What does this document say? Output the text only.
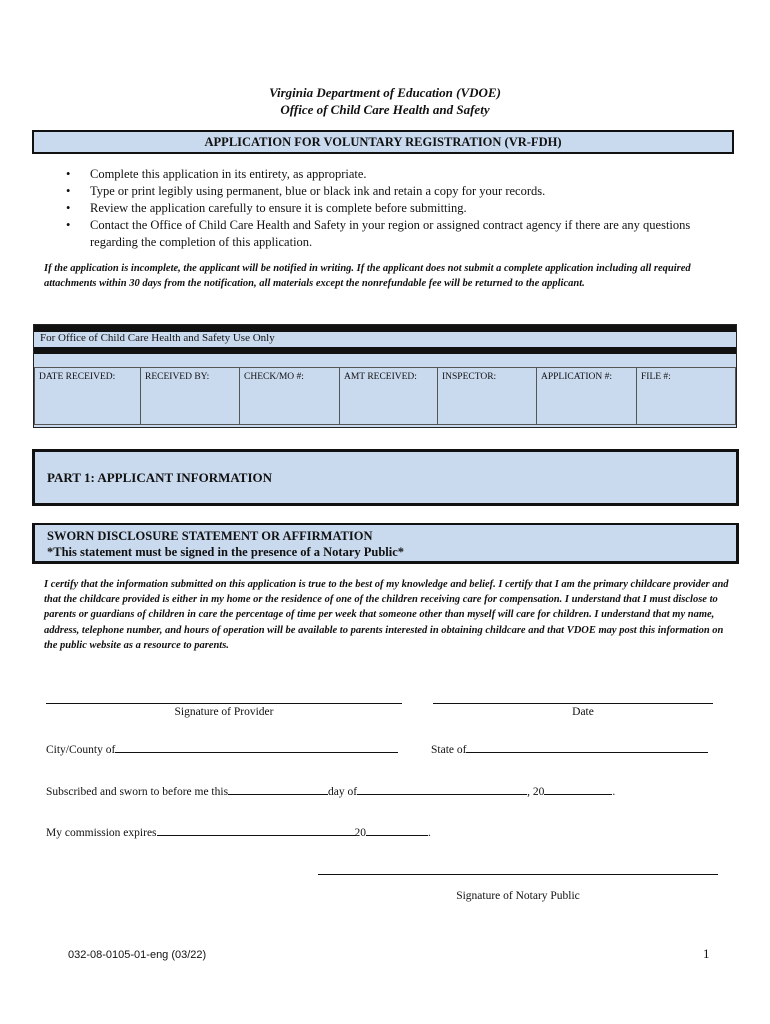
Virginia Department of Education (VDOE)
Office of Child Care Health and Safety
APPLICATION FOR VOLUNTARY REGISTRATION (VR-FDH)
• Complete this application in its entirety, as appropriate.
• Type or print legibly using permanent, blue or black ink and retain a copy for your records.
• Review the application carefully to ensure it is complete before submitting.
• Contact the Office of Child Care Health and Safety in your region or assigned contract agency if there are any questions regarding the completion of this application.
If the application is incomplete, the applicant will be notified in writing. If the applicant does not submit a complete application including all required attachments within 30 days from the notification, all materials except the nonrefundable fee will be returned to the applicant.
For Office of Child Care Health and Safety Use Only
DATE RECEIVED:	RECEIVED BY:	CHECK/MO #:	AMT RECEIVED:	INSPECTOR:	APPLICATION #:	FILE #:
PART 1: APPLICANT INFORMATION
SWORN DISCLOSURE STATEMENT OR AFFIRMATION
*This statement must be signed in the presence of a Notary Public*
I certify that the information submitted on this application is true to the best of my knowledge and belief. I certify that I am the primary childcare provider and that the childcare provided is either in my home or the residence of one of the children receiving care for compensation. I understand that I must disclose to parents or guardians of children in care the percentage of time per week that someone other than myself will care for children. I understand that my name, address, telephone number, and hours of operation will be available to parents interested in obtaining childcare and that VDOE may post this information on the public website as a resource to parents.
Signature of Provider	Date
City/County of	State of
Subscribed and sworn to before me this	day of	, 20	.
My commission expires	20	.
Signature of Notary Public
032-08-0105-01-eng (03/22)	1
